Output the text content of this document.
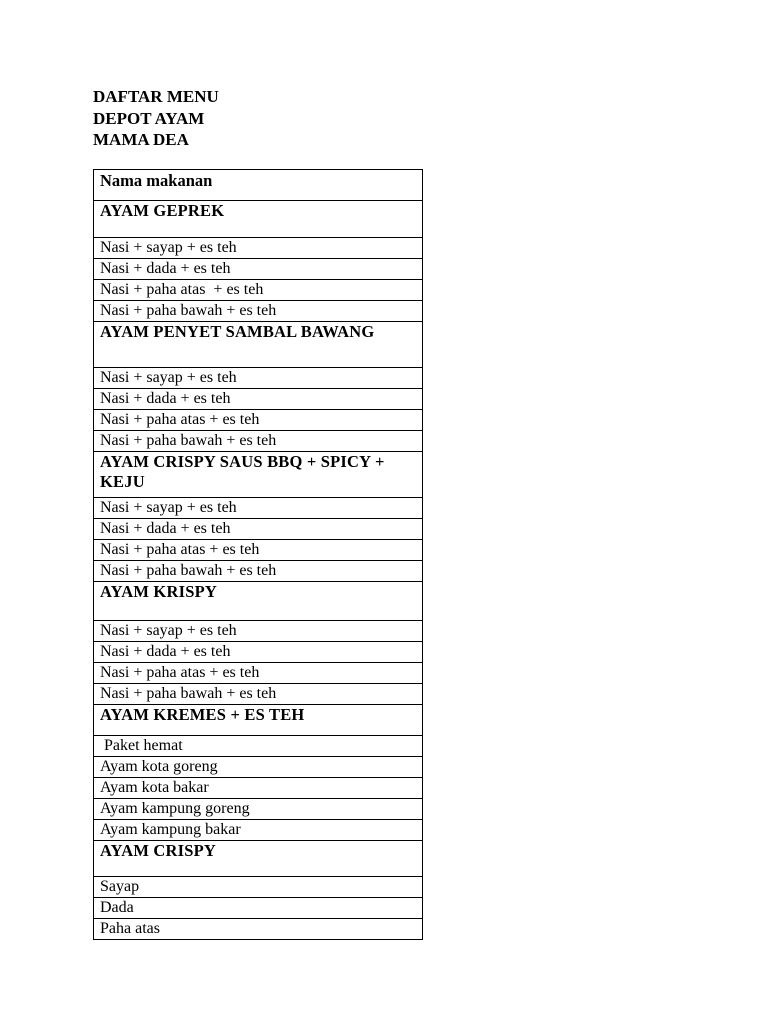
DAFTAR MENU
DEPOT AYAM
MAMA DEA
Nama makanan
AYAM GEPREK
Nasi + sayap + es teh
Nasi + dada + es teh
Nasi + paha atas  + es teh
Nasi + paha bawah + es teh
AYAM PENYET SAMBAL BAWANG
Nasi + sayap + es teh
Nasi + dada + es teh
Nasi + paha atas + es teh
Nasi + paha bawah + es teh
AYAM CRISPY SAUS BBQ + SPICY + KEJU
Nasi + sayap + es teh
Nasi + dada + es teh
Nasi + paha atas + es teh
Nasi + paha bawah + es teh
AYAM KRISPY
Nasi + sayap + es teh
Nasi + dada + es teh
Nasi + paha atas + es teh
Nasi + paha bawah + es teh
AYAM KREMES + ES TEH
Paket hemat
Ayam kota goreng
Ayam kota bakar
Ayam kampung goreng
Ayam kampung bakar
AYAM CRISPY
Sayap
Dada
Paha atas
